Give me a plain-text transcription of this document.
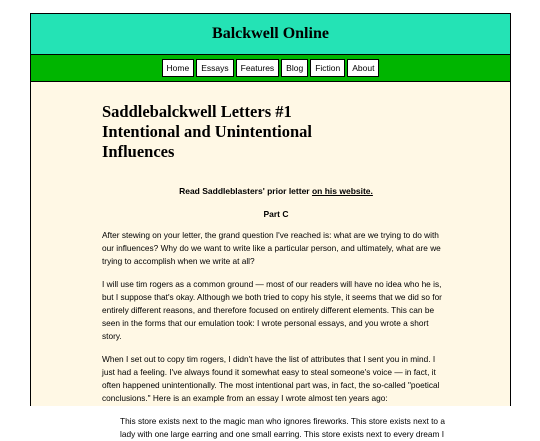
Balckwell Online
Home	Essays	Features	Blog	Fiction	About
Saddlebalckwell Letters #1 Intentional and Unintentional Influences
Read Saddleblasters' prior letter on his website.
Part C

After stewing on your letter, the grand question I've reached is: what are we trying to do with our influences? Why do we want to write like a particular person, and ultimately, what are we trying to accomplish when we write at all?

I will use tim rogers as a common ground — most of our readers will have no idea who he is, but I suppose that's okay. Although we both tried to copy his style, it seems that we did so for entirely different reasons, and therefore focused on entirely different elements. This can be seen in the forms that our emulation took: I wrote personal essays, and you wrote a short story.

When I set out to copy tim rogers, I didn't have the list of attributes that I sent you in mind. I just had a feeling. I've always found it somewhat easy to steal someone's voice — in fact, it often happened unintentionally. The most intentional part was, in fact, the so-called "poetical conclusions." Here is an example from an essay I wrote almost ten years ago:

This store exists next to the magic man who ignores fireworks. This store exists next to a lady with one large earring and one small earring. This store exists next to every dream I
